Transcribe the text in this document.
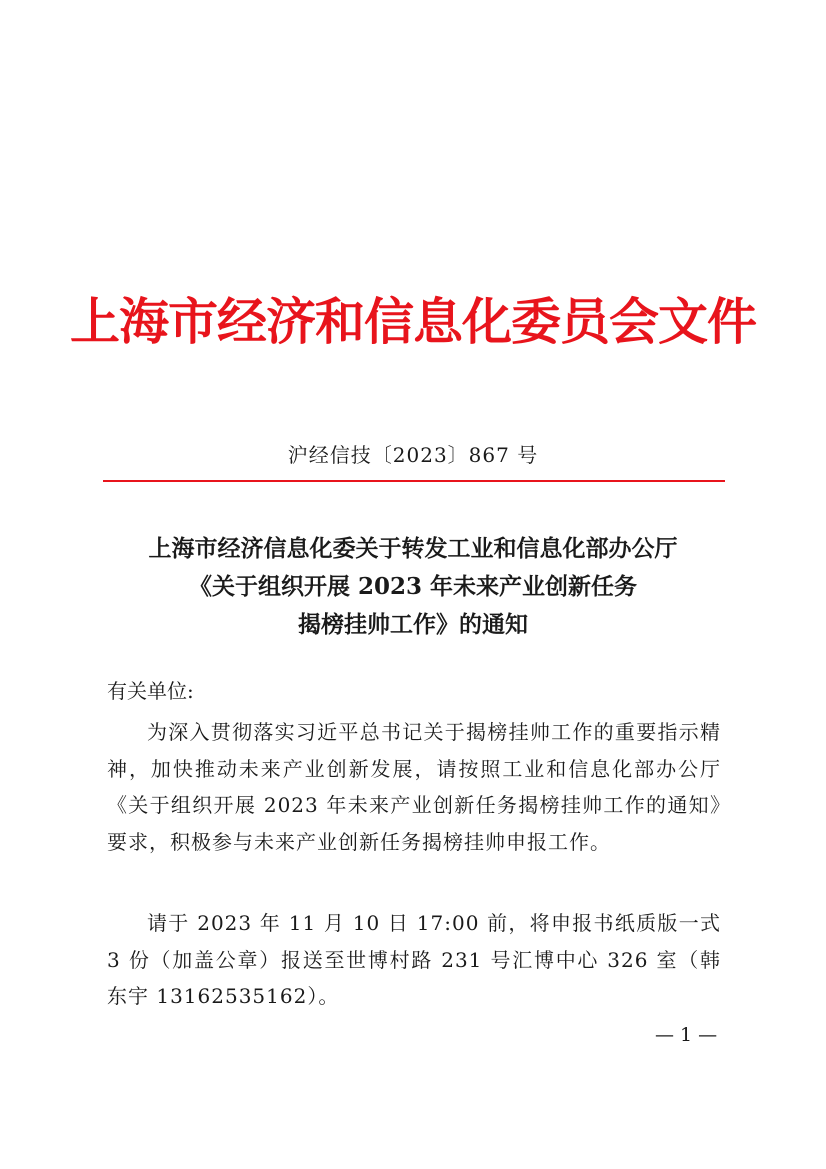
上海市经济和信息化委员会文件
沪经信技〔2023〕867 号
上海市经济信息化委关于转发工业和信息化部办公厅
《关于组织开展 2023 年未来产业创新任务
揭榜挂帅工作》的通知
有关单位:
为深入贯彻落实习近平总书记关于揭榜挂帅工作的重要指示精神，加快推动未来产业创新发展，请按照工业和信息化部办公厅《关于组织开展 2023 年未来产业创新任务揭榜挂帅工作的通知》要求，积极参与未来产业创新任务揭榜挂帅申报工作。
请于 2023 年 11 月 10 日 17:00 前，将申报书纸质版一式 3 份（加盖公章）报送至世博村路 231 号汇博中心 326 室（韩东宇 13162535162）。
— 1 —
